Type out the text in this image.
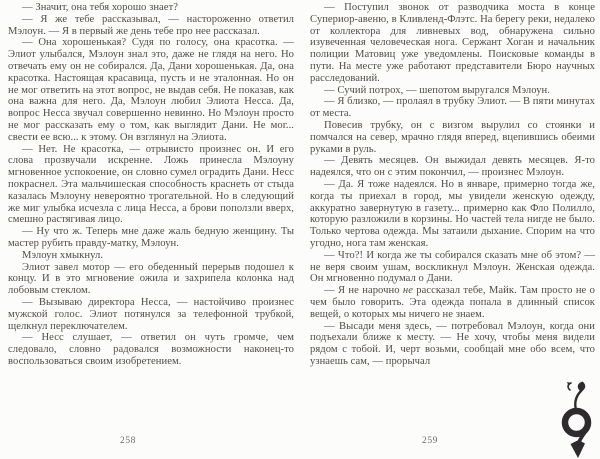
— Значит, она тебя хорошо знает?

— Я же тебе рассказывал, — настороженно ответил Мэлоун. — Я в первый же день тебе про нее рассказал.

— Она хорошенькая? Судя по голосу, она красотка. — Элиот улыбался, Мэлоун знал это, даже не глядя на него. Но отвечать ему он не собирался. Да, Дани хорошенькая. Да, она красотка. Настоящая красавица, пусть и не эталонная. Но он не мог ответить на этот вопрос, не выдав себя. Не показав, как она важна для него. Да, Мэлоун любил Элиота Несса. Да, вопрос Несса звучал совершенно невинно. Но Мэлоун просто не мог рассказать ему о том, как выглядит Дани. Не мог... свести ее всю... к этому. Он взглянул на Элиота.

— Нет. Не красотка, — отрывисто произнес он. И его слова прозвучали искренне. Ложь принесла Мэлоуну мгновенное успокоение, он словно сумел оградить Дани. Несс покраснел. Эта мальчишеская способность краснеть от стыда казалась Мэлоуну невероятно трогательной. Но в следующий же миг улыбка исчезла с лица Несса, а брови поползли вверх, смешно растягивая лицо.

— Ну что ж. Теперь мне даже жаль бедную женщину. Ты мастер рубить правду-матку, Мэлоун.

Мэлоун хмыкнул.

Элиот завел мотор — его обеденный перерыв подошел к концу. И в это мгновение ожила и захрипела колонка над лобовым стеклом.

— Вызываю директора Несса, — настойчиво произнес мужской голос. Элиот потянулся за телефонной трубкой, щелкнул переключателем.

— Несс слушает, — ответил он чуть громче, чем следовало, словно радовался возможности наконец-то воспользоваться своим изобретением.

258

— Поступил звонок от разводчика моста в конце Супериор-авеню, в Кливленд-Флэтс. На берегу реки, недалеко от коллектора для ливневых вод, обнаружена сильно изувеченная человеческая нога. Сержант Хоган и начальник полиции Матовиц уже уведомлены. Поисковые команды в пути. На месте уже работают представители Бюро научных расследований.

— Сучий потрох, — шепотом выругался Мэлоун.

— Я близко, — пролаял в трубку Элиот. — В пяти минутах от места.

Повесив трубку, он с визгом вырулил со стоянки и помчался на север, мрачно глядя вперед, вцепившись обеими руками в руль.

— Девять месяцев. Он выжидал девять месяцев. Я-то надеялся, что он с этим покончил, — произнес Мэлоун.

— Да. Я тоже надеялся. Но в январе, примерно тогда же, когда ты приехал в город, мы увидели женскую одежду, аккуратно завернутую в газету... примерно как Фло Полилло, которую разложили в корзины. Но частей тела нигде не было. Только чертова одежда. Мы затаили дыхание. Спорим на что угодно, нога там женская.

— Что?! И когда же ты собирался сказать мне об этом? — не веря своим ушам, воскликнул Мэлоун. Женская одежда. Он мгновенно подумал о Дани.

— Я не нарочно не рассказал тебе, Майк. Там просто не о чем было говорить. Эта одежда попала в длинный список вещей, о которых мы ничего не знаем.

— Высади меня здесь, — потребовал Мэлоун, когда они подъехали ближе к месту. — Не хочу, чтобы меня видели рядом с тобой. И, черт возьми, сообщай мне обо всем, что узнаешь сам, — прорычал

259
